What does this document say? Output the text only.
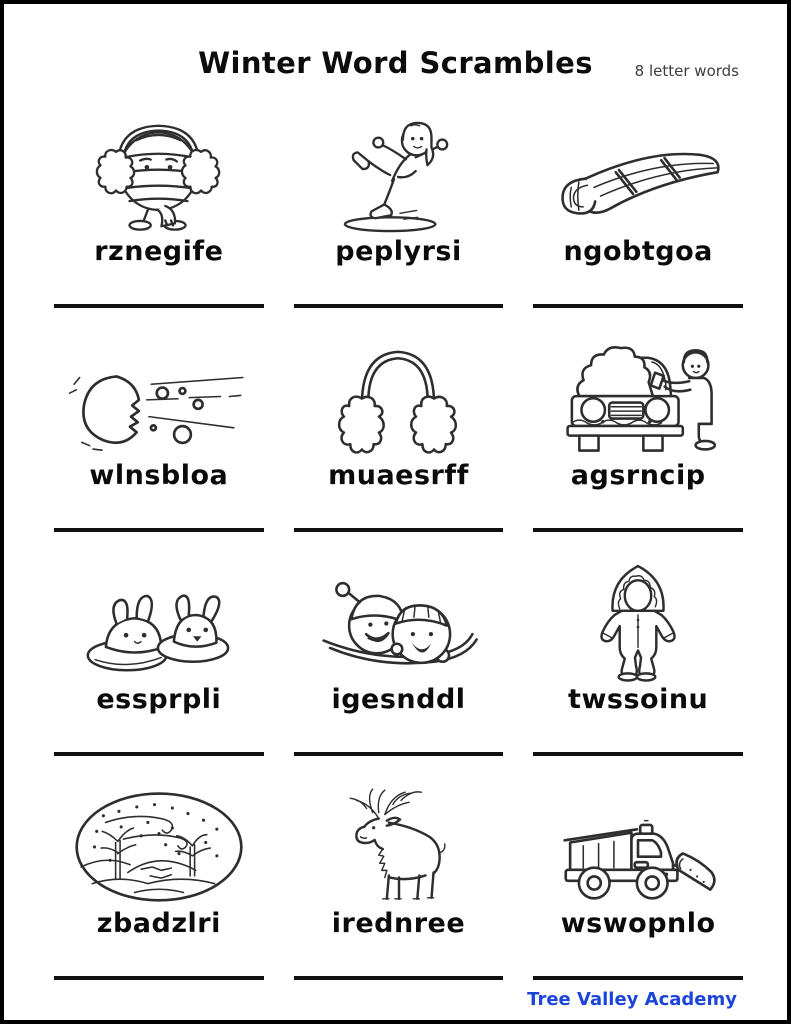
Winter Word Scrambles	8 letter words
rznegife	peplyrsi	ngobtgoa
wlnsbloa	muaesrff	agsrncip
essprpli	igesnddl	twssoinu
zbadzlri	irednree	wswopnlo
Tree Valley Academy
